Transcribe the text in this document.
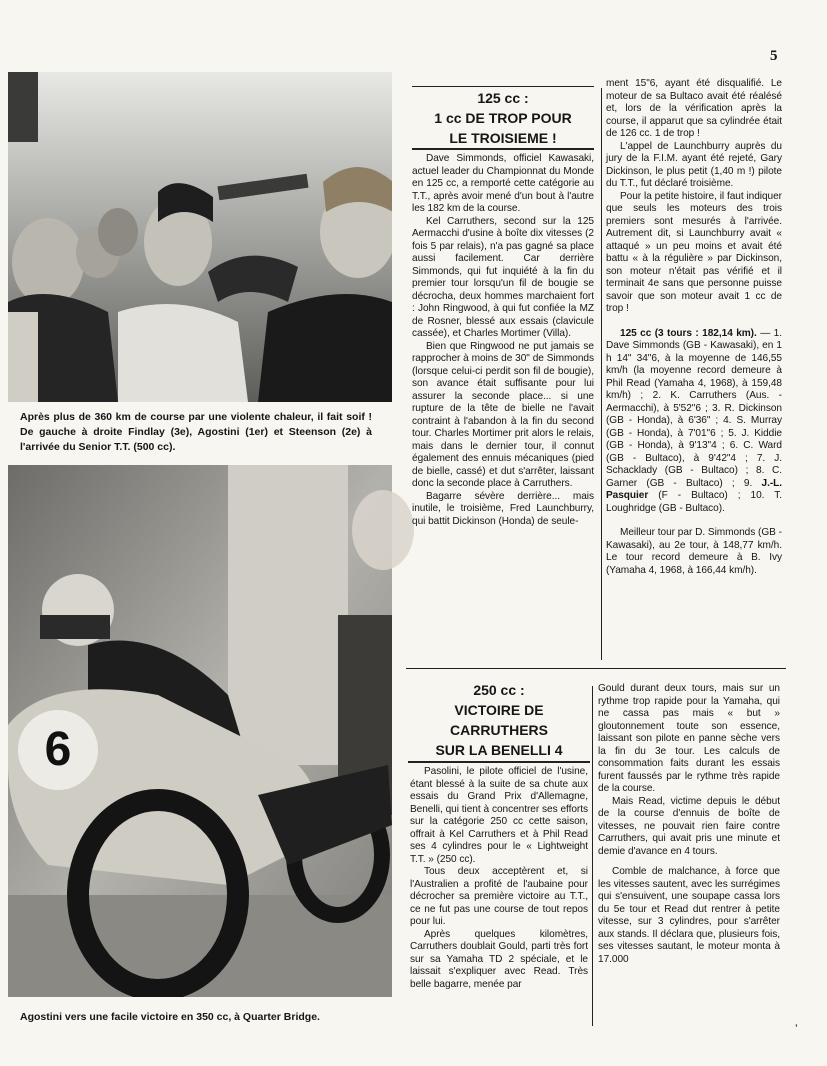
5
Après plus de 360 km de course par une violente chaleur, il fait soif ! De gauche à droite Findlay (3e), Agostini (1er) et Steenson (2e) à l'arrivée du Senior T.T. (500 cc).
6
Agostini vers une facile victoire en 350 cc, à Quarter Bridge.
125 cc :
1 cc DE TROP POUR
LE TROISIEME !

Dave Simmonds, officiel Kawasaki, actuel leader du Championnat du Monde en 125 cc, a remporté cette catégorie au T.T., après avoir mené d'un bout à l'autre les 182 km de la course.

Kel Carruthers, second sur la 125 Aermacchi d'usine à boîte dix vitesses (2 fois 5 par relais), n'a pas gagné sa place aussi facilement. Car derrière Simmonds, qui fut inquiété à la fin du premier tour lorsqu'un fil de bougie se décrocha, deux hommes marchaient fort : John Ringwood, à qui fut confiée la MZ de Rosner, blessé aux essais (clavicule cassée), et Charles Mortimer (Villa).

Bien que Ringwood ne put jamais se rapprocher à moins de 30" de Simmonds (lorsque celui-ci perdit son fil de bougie), son avance était suffisante pour lui assurer la seconde place... si une rupture de la tête de bielle ne l'avait contraint à l'abandon à la fin du second tour. Charles Mortimer prit alors le relais, mais dans le dernier tour, il connut également des ennuis mécaniques (pied de bielle, cassé) et dut s'arrêter, laissant donc la seconde place à Carruthers.

Bagarre sévère derrière... mais inutile, le troisième, Fred Launchburry, qui battit Dickinson (Honda) de seule-

ment 15"6, ayant été disqualifié. Le moteur de sa Bultaco avait été réalésé et, lors de la vérification après la course, il apparut que sa cylindrée était de 126 cc. 1 de trop !

L'appel de Launchburry auprès du jury de la F.I.M. ayant été rejeté, Gary Dickinson, le plus petit (1,40 m !) pilote du T.T., fut déclaré troisième.

Pour la petite histoire, il faut indiquer que seuls les moteurs des trois premiers sont mesurés à l'arrivée. Autrement dit, si Launchburry avait « attaqué » un peu moins et avait été battu « à la régulière » par Dickinson, son moteur n'était pas vérifié et il terminait 4e sans que personne puisse savoir que son moteur avait 1 cc de trop !

125 cc (3 tours : 182,14 km). — 1. Dave Simmonds (GB - Kawasaki), en 1 h 14" 34"6, à la moyenne de 146,55 km/h (la moyenne record demeure à Phil Read (Yamaha 4, 1968), à 159,48 km/h) ; 2. K. Carruthers (Aus. - Aermacchi), à 5'52"6 ; 3. R. Dickinson (GB - Honda), à 6'36" ; 4. S. Murray (GB - Honda), à 7'01"6 ; 5. J. Kiddie (GB - Honda), à 9'13"4 ; 6. C. Ward (GB - Bultaco), à 9'42"4 ; 7. J. Schacklady (GB - Bultaco) ; 8. C. Garner (GB - Bultaco) ; 9. J.-L. Pasquier (F - Bultaco) ; 10. T. Loughridge (GB - Bultaco).

Meilleur tour par D. Simmonds (GB - Kawasaki), au 2e tour, à 148,77 km/h. Le tour record demeure à B. Ivy (Yamaha 4, 1968, à 166,44 km/h).

250 cc :
VICTOIRE DE
CARRUTHERS
SUR LA BENELLI 4

Pasolini, le pilote officiel de l'usine, étant blessé à la suite de sa chute aux essais du Grand Prix d'Allemagne, Benelli, qui tient à concentrer ses efforts sur la catégorie 250 cc cette saison, offrait à Kel Carruthers et à Phil Read ses 4 cylindres pour le « Lightweight T.T. » (250 cc).

Tous deux acceptèrent et, si l'Australien a profité de l'aubaine pour décrocher sa première victoire au T.T., ce ne fut pas une course de tout repos pour lui.

Après quelques kilomètres, Carruthers doublait Gould, parti très fort sur sa Yamaha TD 2 spéciale, et le laissait s'expliquer avec Read. Très belle bagarre, menée par

Gould durant deux tours, mais sur un rythme trop rapide pour la Yamaha, qui ne cassa pas mais « but » gloutonnement toute son essence, laissant son pilote en panne sèche vers la fin du 3e tour. Les calculs de consommation faits durant les essais furent faussés par le rythme très rapide de la course.

Mais Read, victime depuis le début de la course d'ennuis de boîte de vitesses, ne pouvait rien faire contre Carruthers, qui avait pris une minute et demie d'avance en 4 tours.

Comble de malchance, à force que les vitesses sautent, avec les surrégimes qui s'ensuivent, une soupape cassa lors du 5e tour et Read dut rentrer à petite vitesse, sur 3 cylindres, pour s'arrêter aux stands. Il déclara que, plusieurs fois, ses vitesses sautant, le moteur monta à 17.000

ʼ
